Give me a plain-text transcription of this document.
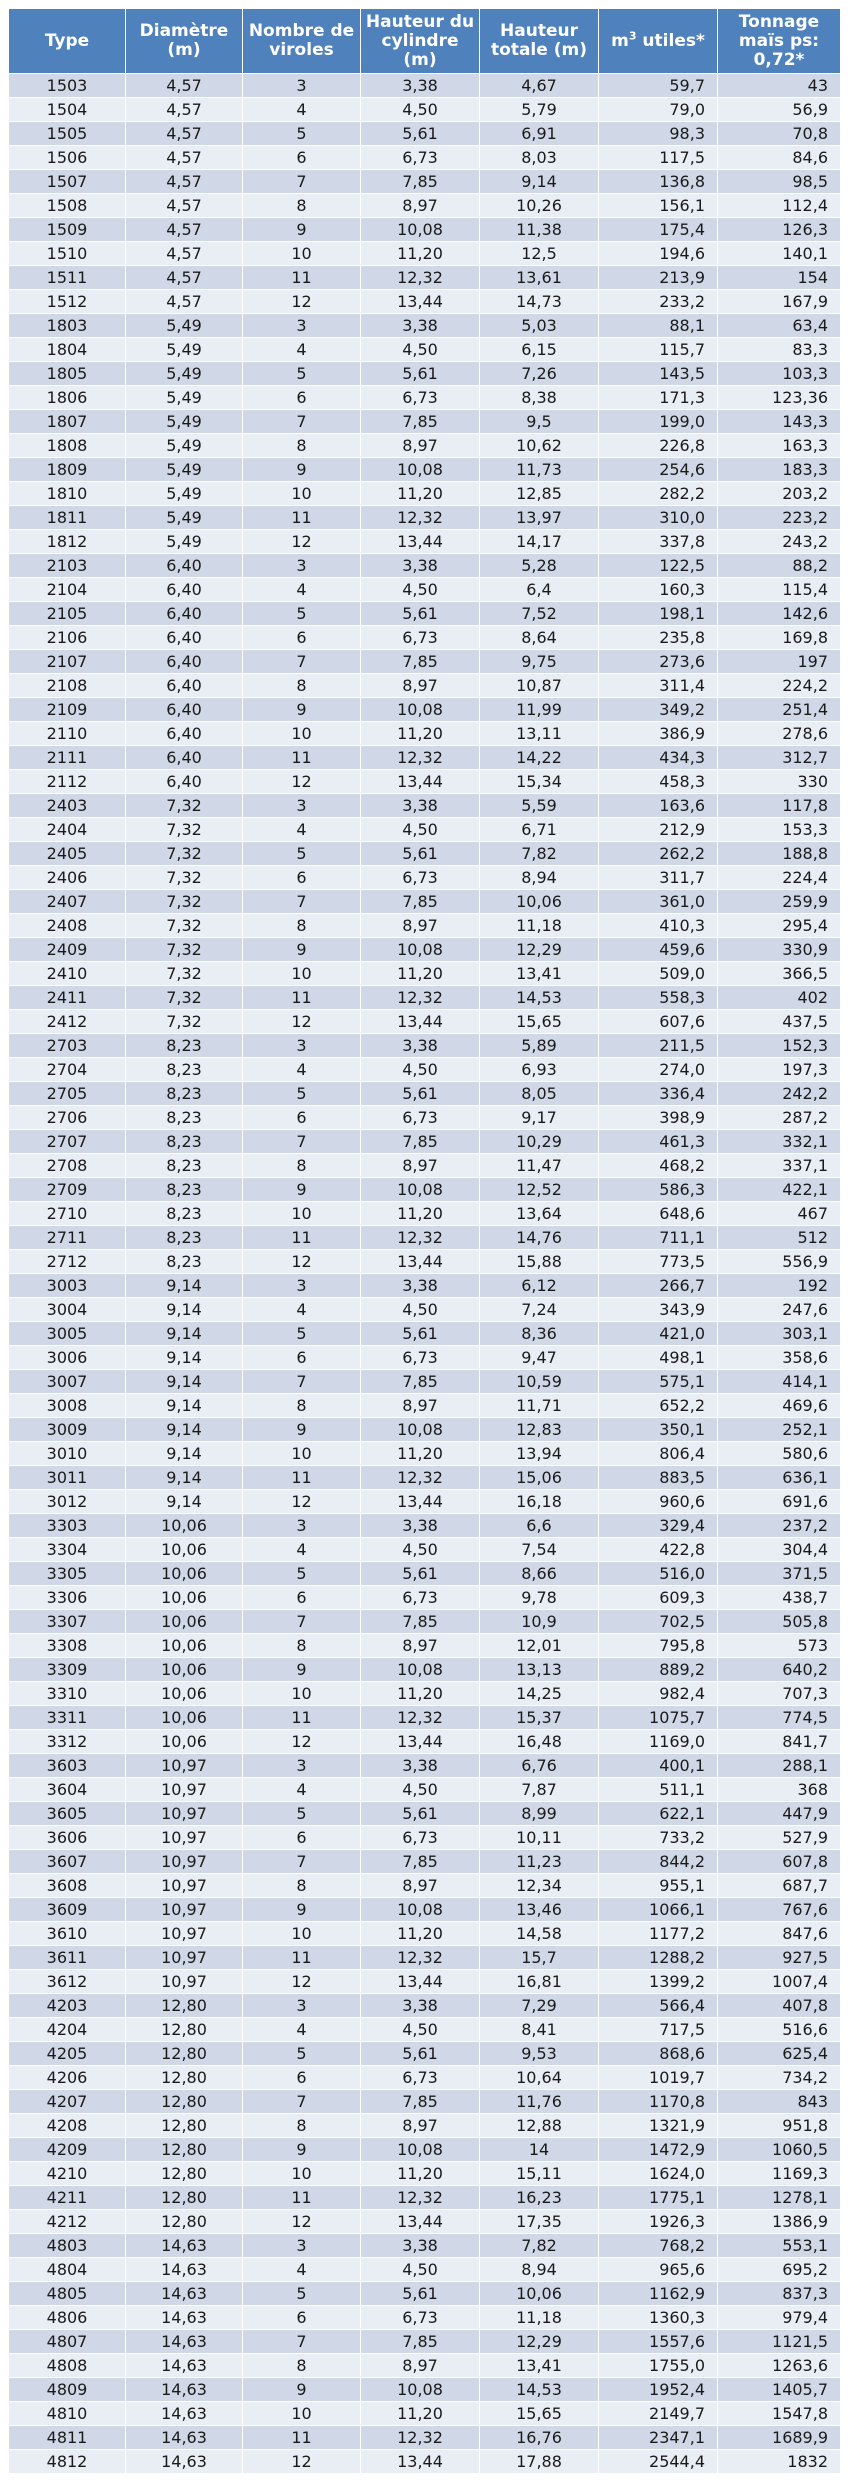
Type	Diamètre (m)	Nombre de viroles	Hauteur du cylindre (m)	Hauteur totale (m)	$m^3$ utiles*	Tonnage maïs ps: 0,72*
1503	4,57	3	3,38	4,67	59,7	43
1504	4,57	4	4,50	5,79	79,0	56,9
1505	4,57	5	5,61	6,91	98,3	70,8
1506	4,57	6	6,73	8,03	117,5	84,6
1507	4,57	7	7,85	9,14	136,8	98,5
1508	4,57	8	8,97	10,26	156,1	112,4
1509	4,57	9	10,08	11,38	175,4	126,3
1510	4,57	10	11,20	12,5	194,6	140,1
1511	4,57	11	12,32	13,61	213,9	154
1512	4,57	12	13,44	14,73	233,2	167,9
1803	5,49	3	3,38	5,03	88,1	63,4
1804	5,49	4	4,50	6,15	115,7	83,3
1805	5,49	5	5,61	7,26	143,5	103,3
1806	5,49	6	6,73	8,38	171,3	123,36
1807	5,49	7	7,85	9,5	199,0	143,3
1808	5,49	8	8,97	10,62	226,8	163,3
1809	5,49	9	10,08	11,73	254,6	183,3
1810	5,49	10	11,20	12,85	282,2	203,2
1811	5,49	11	12,32	13,97	310,0	223,2
1812	5,49	12	13,44	14,17	337,8	243,2
2103	6,40	3	3,38	5,28	122,5	88,2
2104	6,40	4	4,50	6,4	160,3	115,4
2105	6,40	5	5,61	7,52	198,1	142,6
2106	6,40	6	6,73	8,64	235,8	169,8
2107	6,40	7	7,85	9,75	273,6	197
2108	6,40	8	8,97	10,87	311,4	224,2
2109	6,40	9	10,08	11,99	349,2	251,4
2110	6,40	10	11,20	13,11	386,9	278,6
2111	6,40	11	12,32	14,22	434,3	312,7
2112	6,40	12	13,44	15,34	458,3	330
2403	7,32	3	3,38	5,59	163,6	117,8
2404	7,32	4	4,50	6,71	212,9	153,3
2405	7,32	5	5,61	7,82	262,2	188,8
2406	7,32	6	6,73	8,94	311,7	224,4
2407	7,32	7	7,85	10,06	361,0	259,9
2408	7,32	8	8,97	11,18	410,3	295,4
2409	7,32	9	10,08	12,29	459,6	330,9
2410	7,32	10	11,20	13,41	509,0	366,5
2411	7,32	11	12,32	14,53	558,3	402
2412	7,32	12	13,44	15,65	607,6	437,5
2703	8,23	3	3,38	5,89	211,5	152,3
2704	8,23	4	4,50	6,93	274,0	197,3
2705	8,23	5	5,61	8,05	336,4	242,2
2706	8,23	6	6,73	9,17	398,9	287,2
2707	8,23	7	7,85	10,29	461,3	332,1
2708	8,23	8	8,97	11,47	468,2	337,1
2709	8,23	9	10,08	12,52	586,3	422,1
2710	8,23	10	11,20	13,64	648,6	467
2711	8,23	11	12,32	14,76	711,1	512
2712	8,23	12	13,44	15,88	773,5	556,9
3003	9,14	3	3,38	6,12	266,7	192
3004	9,14	4	4,50	7,24	343,9	247,6
3005	9,14	5	5,61	8,36	421,0	303,1
3006	9,14	6	6,73	9,47	498,1	358,6
3007	9,14	7	7,85	10,59	575,1	414,1
3008	9,14	8	8,97	11,71	652,2	469,6
3009	9,14	9	10,08	12,83	350,1	252,1
3010	9,14	10	11,20	13,94	806,4	580,6
3011	9,14	11	12,32	15,06	883,5	636,1
3012	9,14	12	13,44	16,18	960,6	691,6
3303	10,06	3	3,38	6,6	329,4	237,2
3304	10,06	4	4,50	7,54	422,8	304,4
3305	10,06	5	5,61	8,66	516,0	371,5
3306	10,06	6	6,73	9,78	609,3	438,7
3307	10,06	7	7,85	10,9	702,5	505,8
3308	10,06	8	8,97	12,01	795,8	573
3309	10,06	9	10,08	13,13	889,2	640,2
3310	10,06	10	11,20	14,25	982,4	707,3
3311	10,06	11	12,32	15,37	1075,7	774,5
3312	10,06	12	13,44	16,48	1169,0	841,7
3603	10,97	3	3,38	6,76	400,1	288,1
3604	10,97	4	4,50	7,87	511,1	368
3605	10,97	5	5,61	8,99	622,1	447,9
3606	10,97	6	6,73	10,11	733,2	527,9
3607	10,97	7	7,85	11,23	844,2	607,8
3608	10,97	8	8,97	12,34	955,1	687,7
3609	10,97	9	10,08	13,46	1066,1	767,6
3610	10,97	10	11,20	14,58	1177,2	847,6
3611	10,97	11	12,32	15,7	1288,2	927,5
3612	10,97	12	13,44	16,81	1399,2	1007,4
4203	12,80	3	3,38	7,29	566,4	407,8
4204	12,80	4	4,50	8,41	717,5	516,6
4205	12,80	5	5,61	9,53	868,6	625,4
4206	12,80	6	6,73	10,64	1019,7	734,2
4207	12,80	7	7,85	11,76	1170,8	843
4208	12,80	8	8,97	12,88	1321,9	951,8
4209	12,80	9	10,08	14	1472,9	1060,5
4210	12,80	10	11,20	15,11	1624,0	1169,3
4211	12,80	11	12,32	16,23	1775,1	1278,1
4212	12,80	12	13,44	17,35	1926,3	1386,9
4803	14,63	3	3,38	7,82	768,2	553,1
4804	14,63	4	4,50	8,94	965,6	695,2
4805	14,63	5	5,61	10,06	1162,9	837,3
4806	14,63	6	6,73	11,18	1360,3	979,4
4807	14,63	7	7,85	12,29	1557,6	1121,5
4808	14,63	8	8,97	13,41	1755,0	1263,6
4809	14,63	9	10,08	14,53	1952,4	1405,7
4810	14,63	10	11,20	15,65	2149,7	1547,8
4811	14,63	11	12,32	16,76	2347,1	1689,9
4812	14,63	12	13,44	17,88	2544,4	1832
